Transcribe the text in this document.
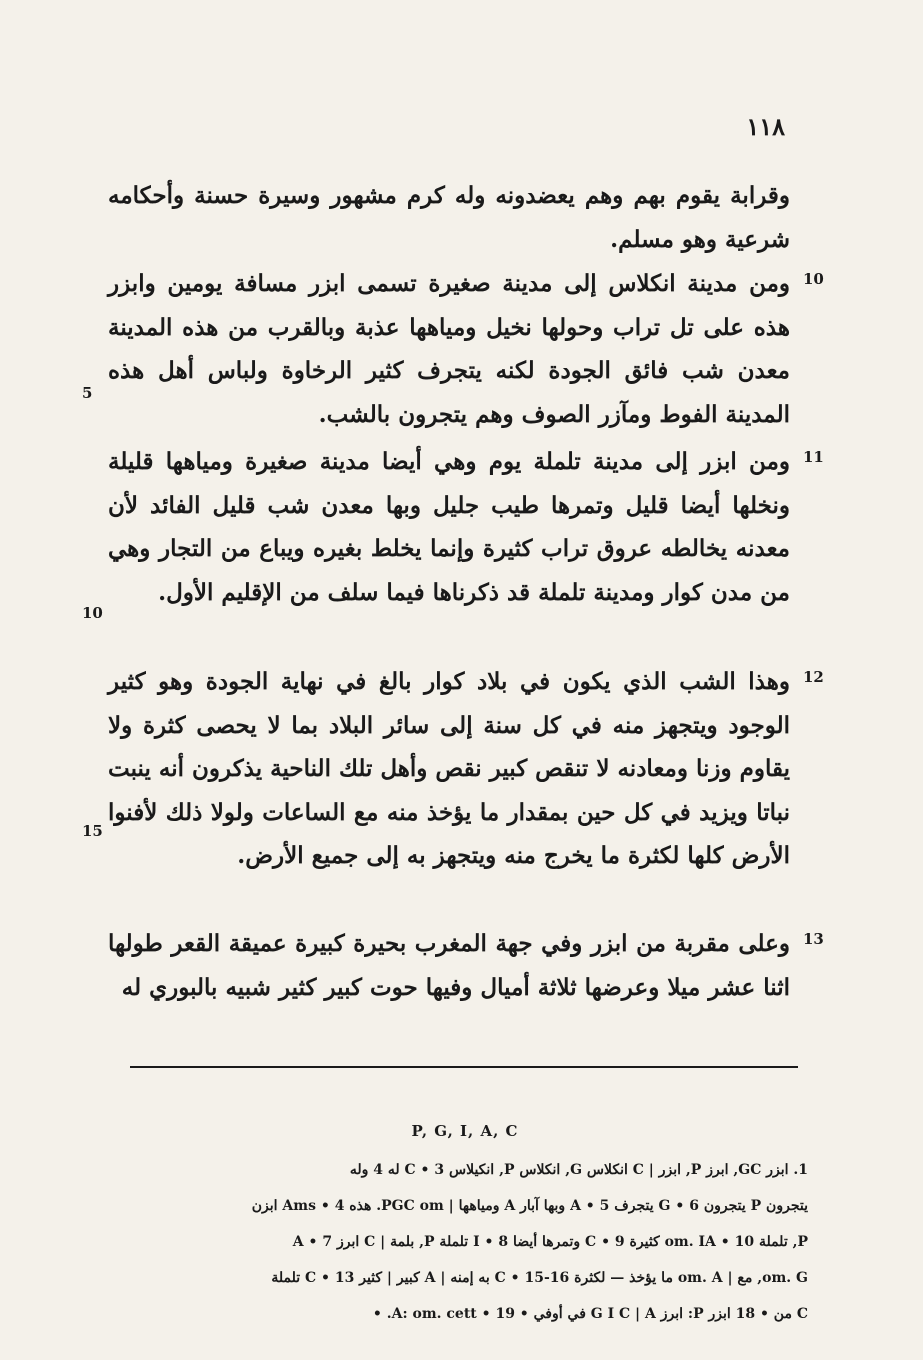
١١٨

وقرابة يقوم بهم وهم يعضدونه وله كرم مشهور وسيرة حسنة وأحكامه شرعية وهو مسلم.

10

ومن مدينة انكلاس إلى مدينة صغيرة تسمى ابزر مسافة يومين وابزر هذه على تل تراب وحولها نخيل ومياهها عذبة وبالقرب من هذه المدينة معدن شب فائق الجودة لكنه يتجرف كثير الرخاوة ولباس أهل هذه المدينة الفوط ومآزر الصوف وهم يتجرون بالشب.

5
11

ومن ابزر إلى مدينة تلملة يوم وهي أيضا مدينة صغيرة ومياهها قليلة ونخلها أيضا قليل وتمرها طيب جليل وبها معدن شب قليل الفائد لأن معدنه يخالطه عروق تراب كثيرة وإنما يخلط بغيره ويباع من التجار وهي من مدن كوار ومدينة تلملة قد ذكرناها فيما سلف من الإقليم الأول.

10
12

وهذا الشب الذي يكون في بلاد كوار بالغ في نهاية الجودة وهو كثير الوجود ويتجهز منه في كل سنة إلى سائر البلاد بما لا يحصى كثرة ولا يقاوم وزنا ومعادنه لا تنقص كبير نقص وأهل تلك الناحية يذكرون أنه ينبت نباتا ويزيد في كل حين بمقدار ما يؤخذ منه مع الساعات ولولا ذلك لأفنوا الأرض كلها لكثرة ما يخرج منه ويتجهز به إلى جميع الأرض.

15
13

وعلى مقربة من ابزر وفي جهة المغرب بحيرة كبيرة عميقة القعر طولها اثنا عشر ميلا وعرضها ثلاثة أميال وفيها حوت كبير كثير شبيه بالبوري له

P, G, I, A, C
1. ابزر GC, ابرز P, ابزر | C انكلاس G, انكلاس P, انكيلاس 3 • C له 4 وله
يتجرون P يتجرون 6 • G يتجرف 5 • A وبها آبار A ومياهها | PGC om. هذه 4 • Ams ابزن
P, تلملة 10 • om. IA كثيرة 9 • C وتمرها أيضا 8 • I تلملة P, بلمة | C ابرز 7 • A
om. G, مع | om. A ما يؤخذ — لكثرة 16-15 • C به إمنه | A كبير | كثير 13 • C تلملة
C من • 18 ابزر P: ابرز G I C | A في أوفي • 19 • A: om. cett. •
